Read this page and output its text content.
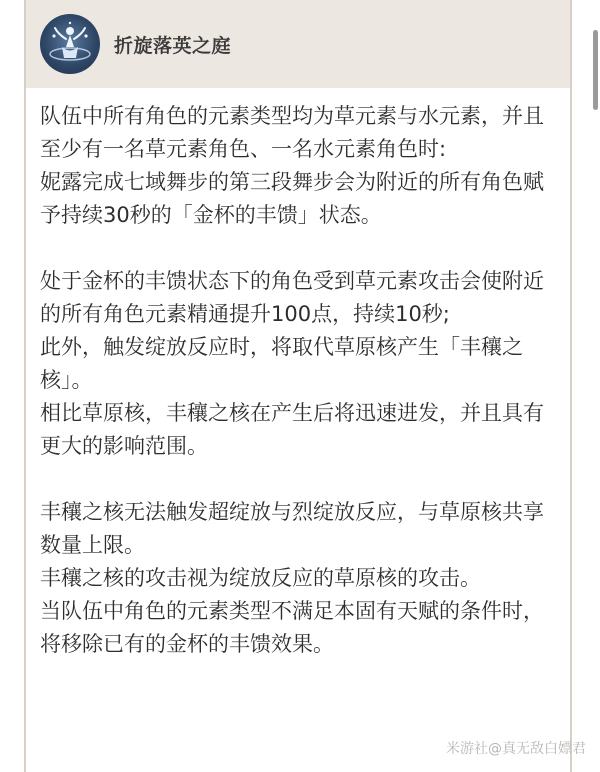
折旋落英之庭

队伍中所有角色的元素类型均为草元素与水元素，并且至少有一名草元素角色、一名水元素角色时:

妮露完成七域舞步的第三段舞步会为附近的所有角色赋予持续30秒的「金杯的丰馈」状态。

处于金杯的丰馈状态下的角色受到草元素攻击会使附近的所有角色元素精通提升100点，持续10秒;

此外，触发绽放反应时，将取代草原核产生「丰穰之核」。

相比草原核，丰穰之核在产生后将迅速进发，并且具有更大的影响范围。

丰穰之核无法触发超绽放与烈绽放反应，与草原核共享数量上限。

丰穰之核的攻击视为绽放反应的草原核的攻击。

当队伍中角色的元素类型不满足本固有天赋的条件时，将移除已有的金杯的丰馈效果。

米游社@真无敌白嫖君
